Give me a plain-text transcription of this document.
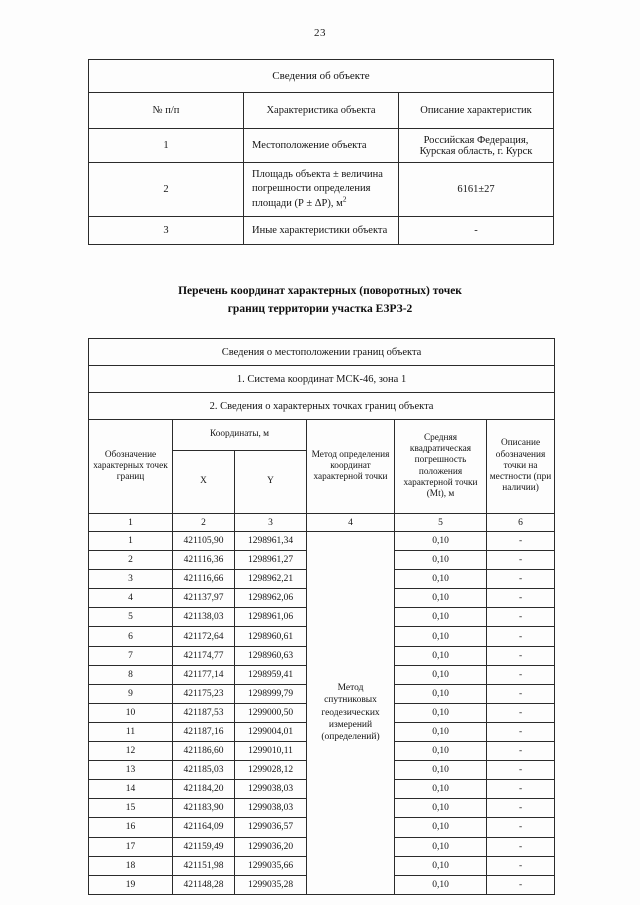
23
Сведения об объекте		
№ п/п	Характеристика объекта	Описание характеристик
1	Местоположение объекта	Российская Федерация, Курская область, г. Курск
2	Площадь объекта ± величина
погрешности определения
площади (Р ± ΔР), $м^2$	6161±27
3	Иные характеристики объекта	-
Перечень координат характерных (поворотных) точек
границ территории участка ЕЗРЗ-2
Сведения о местоположении границ объекта					
1. Система координат МСК-46, зона 1					
2. Сведения о характерных точках границ объекта					
Обозначение характерных точек границ	Координаты, м		Метод определения координат характерной точки	Средняя квадратическая погрешность положения характерной точки (Mt), м	Описание обозначения точки на местности (при наличии)
	X	Y			
1	2	3	4	5	6
1	421105,90	1298961,34	Метод спутниковых геодезических измерений (определений)	0,10	-
2	421116,36	1298961,27		0,10	-
3	421116,66	1298962,21		0,10	-
4	421137,97	1298962,06		0,10	-
5	421138,03	1298961,06		0,10	-
6	421172,64	1298960,61		0,10	-
7	421174,77	1298960,63		0,10	-
8	421177,14	1298959,41		0,10	-
9	421175,23	1298999,79		0,10	-
10	421187,53	1299000,50		0,10	-
11	421187,16	1299004,01		0,10	-
12	421186,60	1299010,11		0,10	-
13	421185,03	1299028,12		0,10	-
14	421184,20	1299038,03		0,10	-
15	421183,90	1299038,03		0,10	-
16	421164,09	1299036,57		0,10	-
17	421159,49	1299036,20		0,10	-
18	421151,98	1299035,66		0,10	-
19	421148,28	1299035,28		0,10	-
